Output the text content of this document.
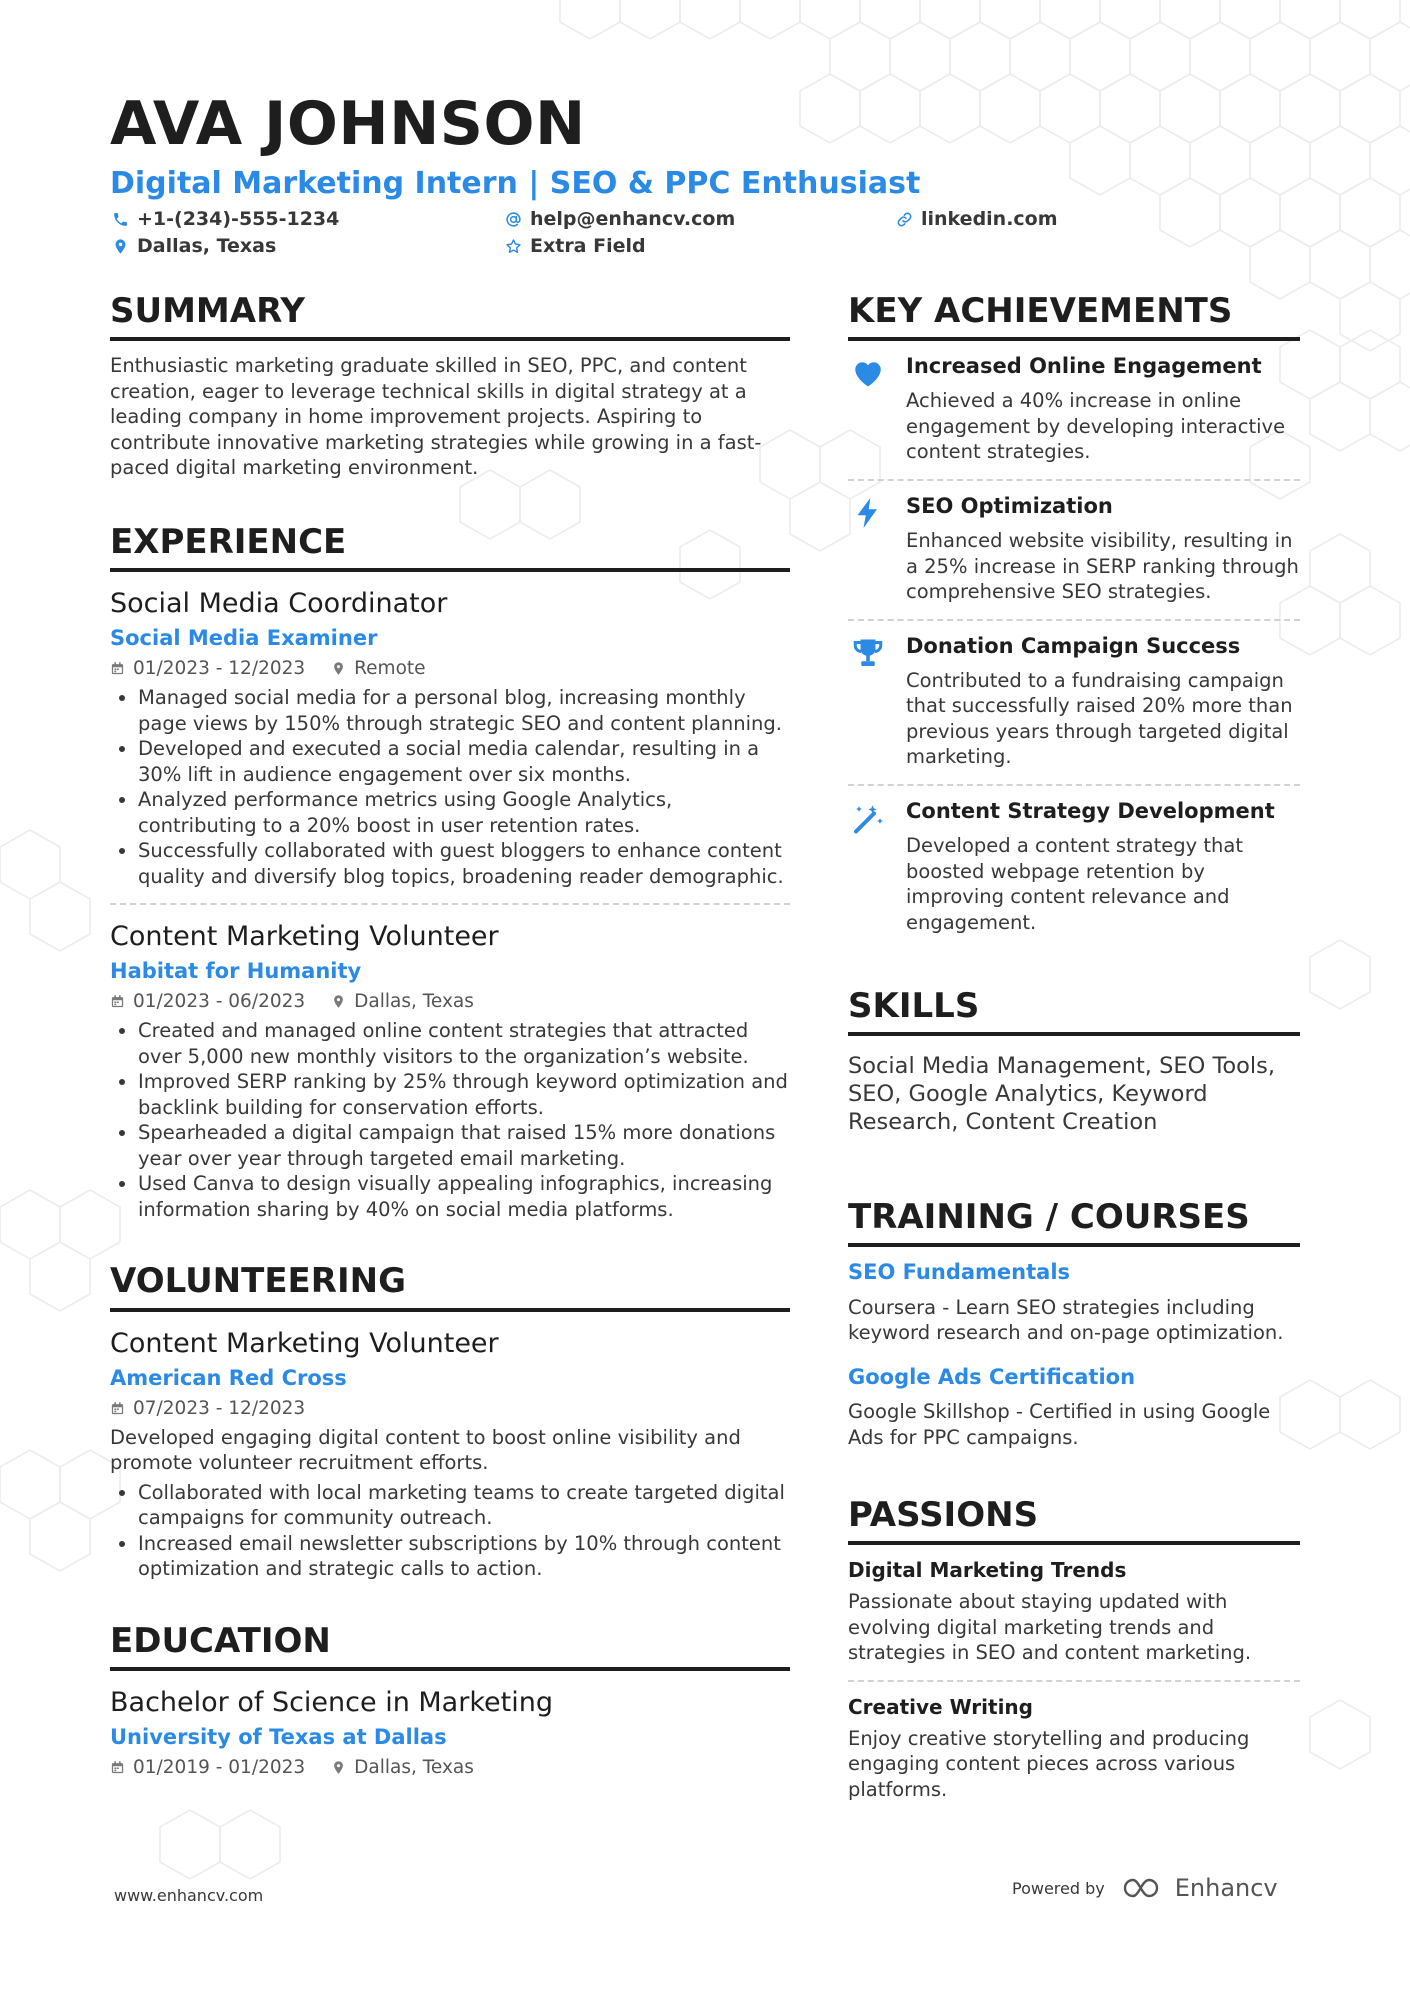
AVA JOHNSON

Digital Marketing Intern | SEO & PPC Enthusiast

+1-(234)-555-1234	help@enhancv.com	linkedin.com
Dallas, Texas	Extra Field
SUMMARY

Enthusiastic marketing graduate skilled in SEO, PPC, and content creation, eager to leverage technical skills in digital strategy at a leading company in home improvement projects. Aspiring to contribute innovative marketing strategies while growing in a fast-paced digital marketing environment.

EXPERIENCE

Social Media Coordinator

Social Media Examiner

01/2023 - 12/2023	Remote
• Managed social media for a personal blog, increasing monthly page views by 150% through strategic SEO and content planning.
• Developed and executed a social media calendar, resulting in a 30% lift in audience engagement over six months.
• Analyzed performance metrics using Google Analytics, contributing to a 20% boost in user retention rates.
• Successfully collaborated with guest bloggers to enhance content quality and diversify blog topics, broadening reader demographic.

Content Marketing Volunteer

Habitat for Humanity

01/2023 - 06/2023	Dallas, Texas
• Created and managed online content strategies that attracted over 5,000 new monthly visitors to the organization’s website.
• Improved SERP ranking by 25% through keyword optimization and backlink building for conservation efforts.
• Spearheaded a digital campaign that raised 15% more donations year over year through targeted email marketing.
• Used Canva to design visually appealing infographics, increasing information sharing by 40% on social media platforms.
VOLUNTEERING

Content Marketing Volunteer

American Red Cross

07/2023 - 12/2023

Developed engaging digital content to boost online visibility and promote volunteer recruitment efforts.

• Collaborated with local marketing teams to create targeted digital campaigns for community outreach.
• Increased email newsletter subscriptions by 10% through content optimization and strategic calls to action.
EDUCATION

Bachelor of Science in Marketing

University of Texas at Dallas

01/2019 - 01/2023	Dallas, Texas
KEY ACHIEVEMENTS

Increased Online Engagement

Achieved a 40% increase in online engagement by developing interactive content strategies.

SEO Optimization

Enhanced website visibility, resulting in a 25% increase in SERP ranking through comprehensive SEO strategies.

Donation Campaign Success

Contributed to a fundraising campaign that successfully raised 20% more than previous years through targeted digital marketing.

Content Strategy Development

Developed a content strategy that boosted webpage retention by improving content relevance and engagement.

SKILLS

Social Media Management, SEO Tools, SEO, Google Analytics, Keyword Research, Content Creation

TRAINING / COURSES

SEO Fundamentals

Coursera - Learn SEO strategies including keyword research and on-page optimization.

Google Ads Certification

Google Skillshop - Certified in using Google Ads for PPC campaigns.

PASSIONS

Digital Marketing Trends

Passionate about staying updated with evolving digital marketing trends and strategies in SEO and content marketing.

Creative Writing

Enjoy creative storytelling and producing engaging content pieces across various platforms.

www.enhancv.com	Powered by	Enhancv
